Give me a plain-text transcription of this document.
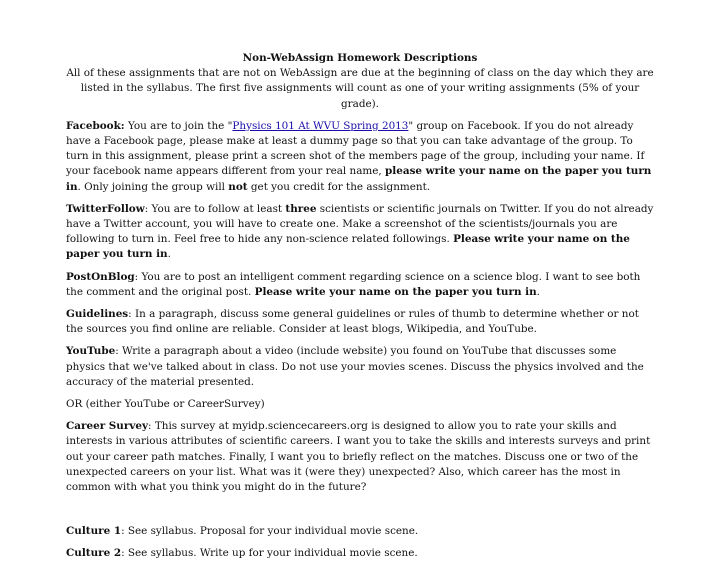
Non-WebAssign Homework Descriptions

All of these assignments that are not on WebAssign are due at the beginning of class on the day which they are listed in the syllabus. The first five assignments will count as one of your writing assignments (5% of your grade).

Facebook: You are to join the "Physics 101 At WVU Spring 2013" group on Facebook. If you do not already have a Facebook page, please make at least a dummy page so that you can take advantage of the group. To turn in this assignment, please print a screen shot of the members page of the group, including your name. If your facebook name appears different from your real name, please write your name on the paper you turn in. Only joining the group will not get you credit for the assignment.

TwitterFollow: You are to follow at least three scientists or scientific journals on Twitter. If you do not already have a Twitter account, you will have to create one. Make a screenshot of the scientists/journals you are following to turn in. Feel free to hide any non-science related followings. Please write your name on the paper you turn in.

PostOnBlog: You are to post an intelligent comment regarding science on a science blog. I want to see both the comment and the original post. Please write your name on the paper you turn in.

Guidelines: In a paragraph, discuss some general guidelines or rules of thumb to determine whether or not the sources you find online are reliable. Consider at least blogs, Wikipedia, and YouTube.

YouTube: Write a paragraph about a video (include website) you found on YouTube that discusses some physics that we've talked about in class. Do not use your movies scenes. Discuss the physics involved and the accuracy of the material presented.

OR (either YouTube or CareerSurvey)

Career Survey: This survey at myidp.sciencecareers.org is designed to allow you to rate your skills and interests in various attributes of scientific careers. I want you to take the skills and interests surveys and print out your career path matches. Finally, I want you to briefly reflect on the matches. Discuss one or two of the unexpected careers on your list. What was it (were they) unexpected? Also, which career has the most in common with what you think you might do in the future?

Culture 1: See syllabus. Proposal for your individual movie scene.

Culture 2: See syllabus. Write up for your individual movie scene.
